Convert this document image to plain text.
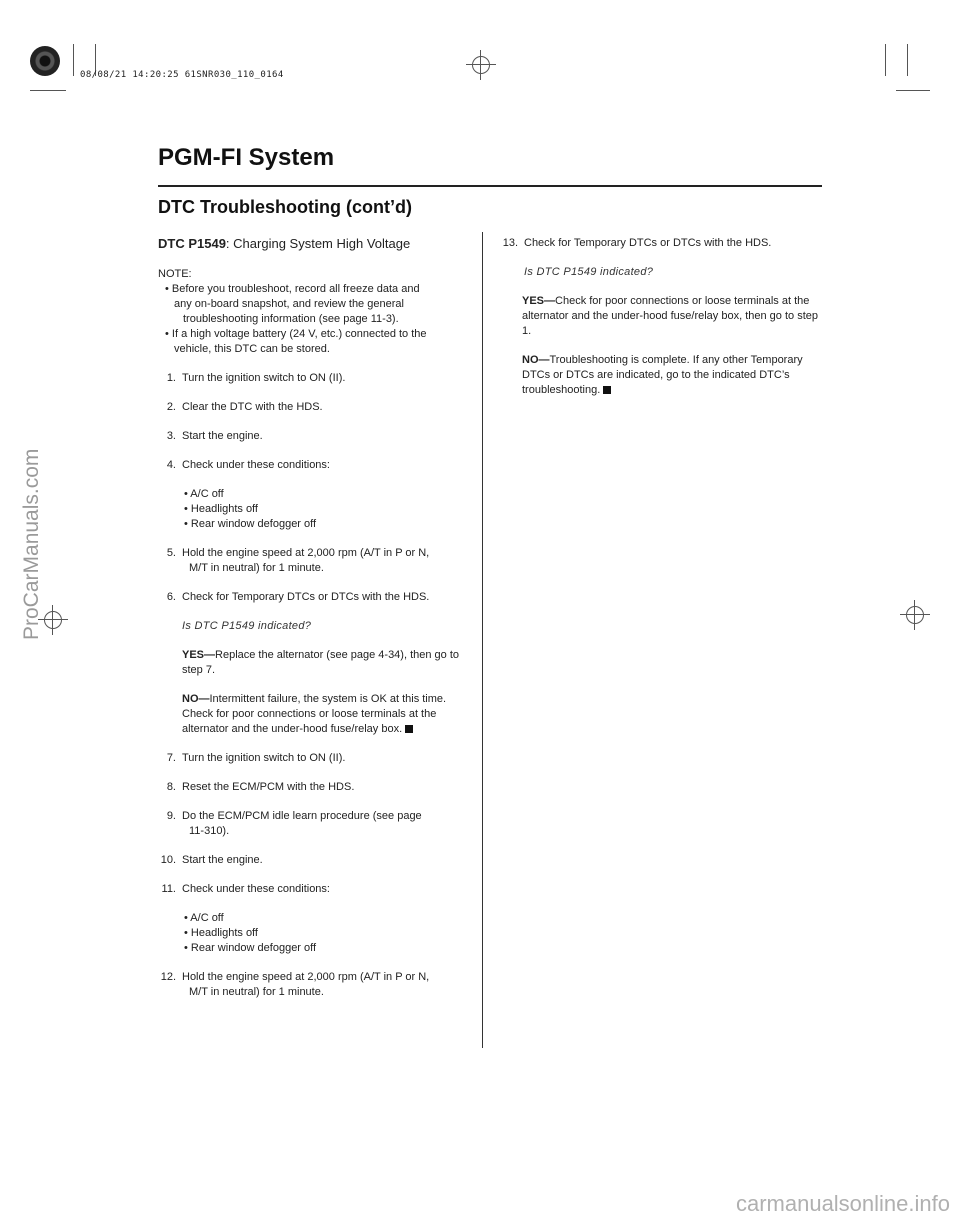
08/08/21 14:20:25 61SNR030_110_0164
ProCarManuals.com
carmanualsonline.info
PGM-FI System
DTC Troubleshooting (cont’d)
DTC P1549: Charging System High Voltage

NOTE:

• Before you troubleshoot, record all freeze data and
any on-board snapshot, and review the general troubleshooting information (see page 11-3).

• If a high voltage battery (24 V, etc.) connected to the
vehicle, this DTC can be stored.

1. Turn the ignition switch to ON (II).
2. Clear the DTC with the HDS.
3. Start the engine.
4. Check under these conditions:
• A/C off
• Headlights off
• Rear window defogger off
5. Hold the engine speed at 2,000 rpm (A/T in P or N,
M/T in neutral) for 1 minute.
6. Check for Temporary DTCs or DTCs with the HDS.
Is DTC P1549 indicated?
YES—Replace the alternator (see page 4-34), then go to step 7.
NO—Intermittent failure, the system is OK at this time. Check for poor connections or loose terminals at the alternator and the under-hood fuse/relay box.
7. Turn the ignition switch to ON (II).
8. Reset the ECM/PCM with the HDS.
9. Do the ECM/PCM idle learn procedure (see page
11-310).
10. Start the engine.
11. Check under these conditions:
• A/C off
• Headlights off
• Rear window defogger off
12. Hold the engine speed at 2,000 rpm (A/T in P or N,
M/T in neutral) for 1 minute.
13. Check for Temporary DTCs or DTCs with the HDS.
Is DTC P1549 indicated?
YES—Check for poor connections or loose terminals at the alternator and the under-hood fuse/relay box, then go to step 1.
NO—Troubleshooting is complete. If any other Temporary DTCs or DTCs are indicated, go to the indicated DTC’s troubleshooting.
